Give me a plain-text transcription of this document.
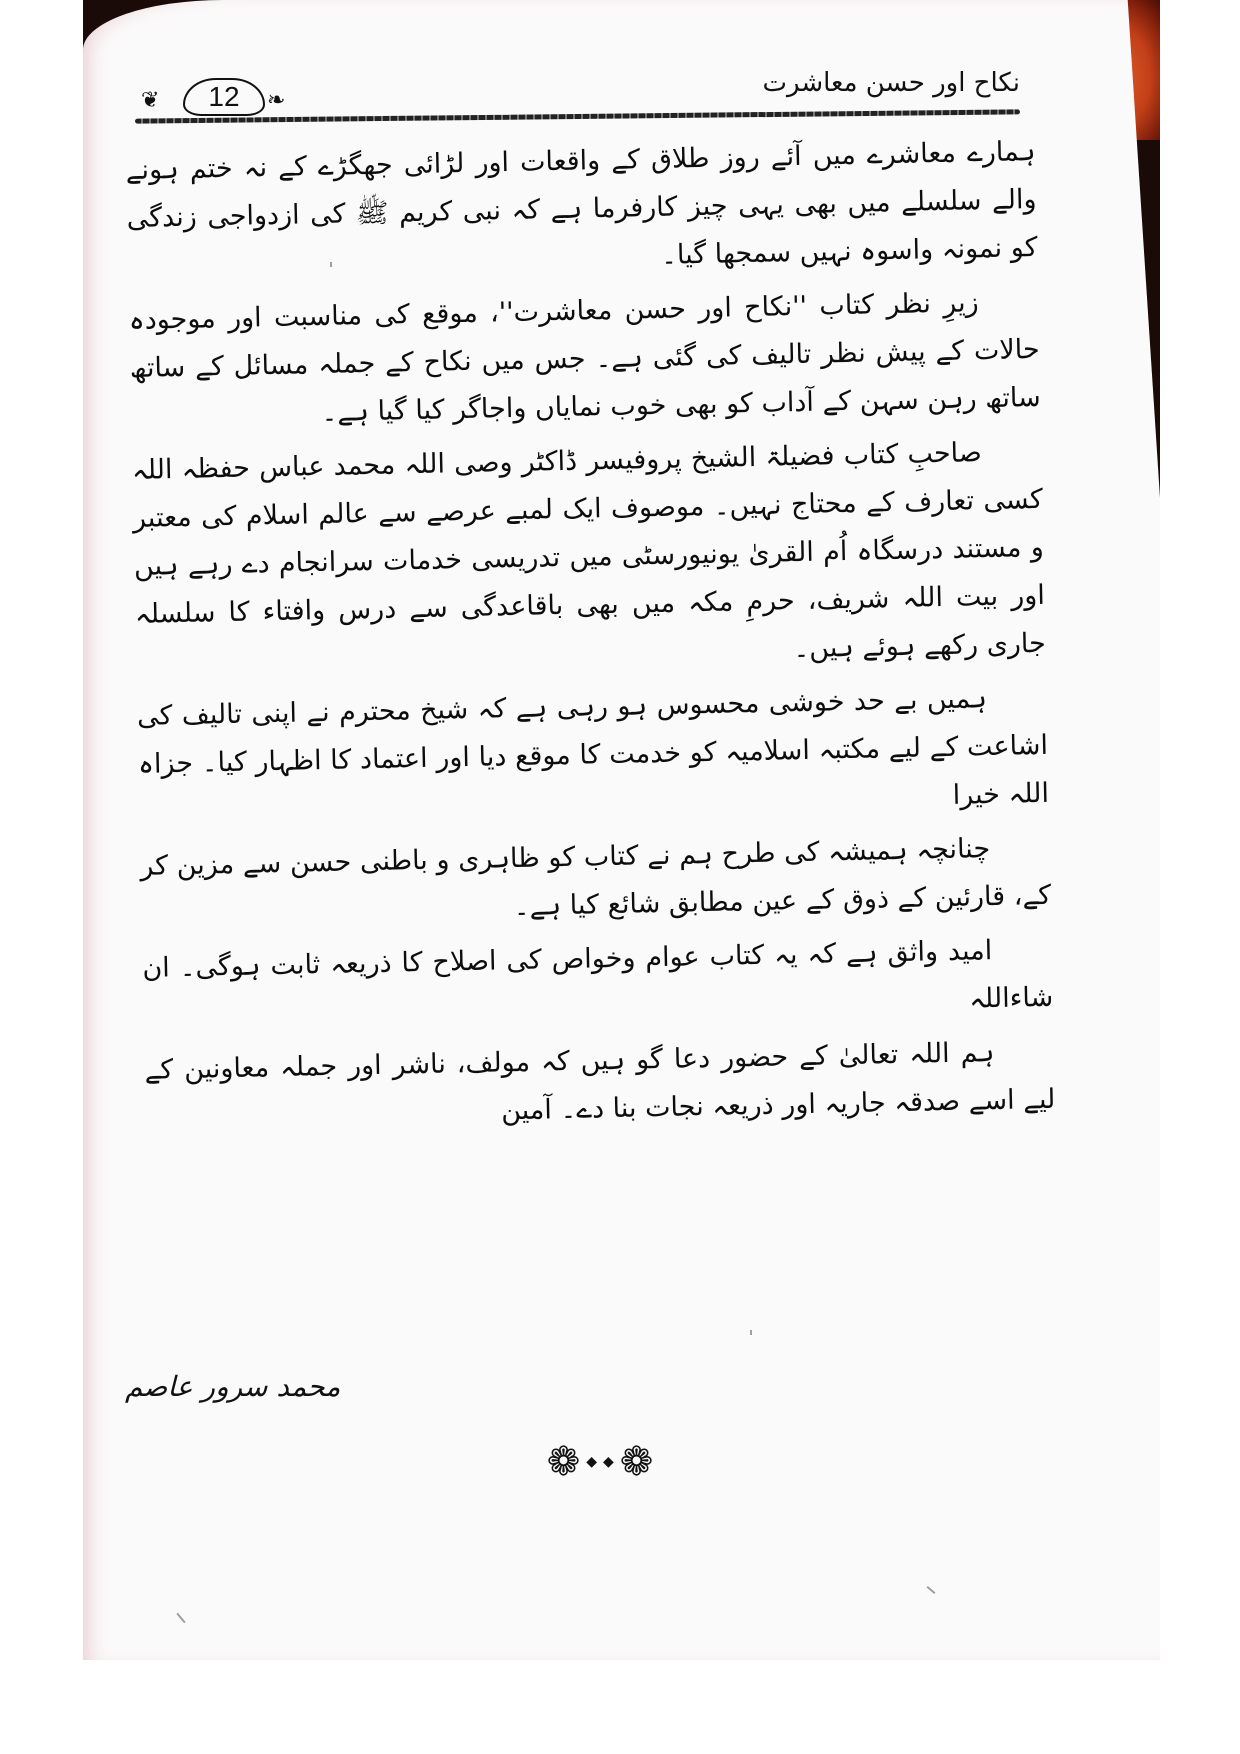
❦ 12 ❧
نکاح اور حسن معاشرت

ہمارے معاشرے میں آئے روز طلاق کے واقعات اور لڑائی جھگڑے کے نہ ختم ہونے والے سلسلے میں بھی یہی چیز کارفرما ہے کہ نبی کریم ﷺ کی ازدواجی زندگی کو نمونہ واسوہ نہیں سمجھا گیا۔

زیرِ نظر کتاب ''نکاح اور حسن معاشرت''، موقع کی مناسبت اور موجودہ حالات کے پیش نظر تالیف کی گئی ہے۔ جس میں نکاح کے جملہ مسائل کے ساتھ ساتھ رہن سہن کے آداب کو بھی خوب نمایاں واجاگر کیا گیا ہے۔

صاحبِ کتاب فضیلۃ الشیخ پروفیسر ڈاکٹر وصی اللہ محمد عباس حفظہ اللہ کسی تعارف کے محتاج نہیں۔ موصوف ایک لمبے عرصے سے عالم اسلام کی معتبر و مستند درسگاہ اُم القریٰ یونیورسٹی میں تدریسی خدمات سرانجام دے رہے ہیں اور بیت اللہ شریف، حرمِ مکہ میں بھی باقاعدگی سے درس وافتاء کا سلسلہ جاری رکھے ہوئے ہیں۔

ہمیں بے حد خوشی محسوس ہو رہی ہے کہ شیخ محترم نے اپنی تالیف کی اشاعت کے لیے مکتبہ اسلامیہ کو خدمت کا موقع دیا اور اعتماد کا اظہار کیا۔ جزاہ اللہ خیرا

چنانچہ ہمیشہ کی طرح ہم نے کتاب کو ظاہری و باطنی حسن سے مزین کر کے، قارئین کے ذوق کے عین مطابق شائع کیا ہے۔

امید واثق ہے کہ یہ کتاب عوام وخواص کی اصلاح کا ذریعہ ثابت ہوگی۔ ان شاءاللہ

ہم اللہ تعالیٰ کے حضور دعا گو ہیں کہ مولف، ناشر اور جملہ معاونین کے لیے اسے صدقہ جاریہ اور ذریعہ نجات بنا دے۔ آمین

محمد سرور عاصم
❁ ◆ ◆ ❁
